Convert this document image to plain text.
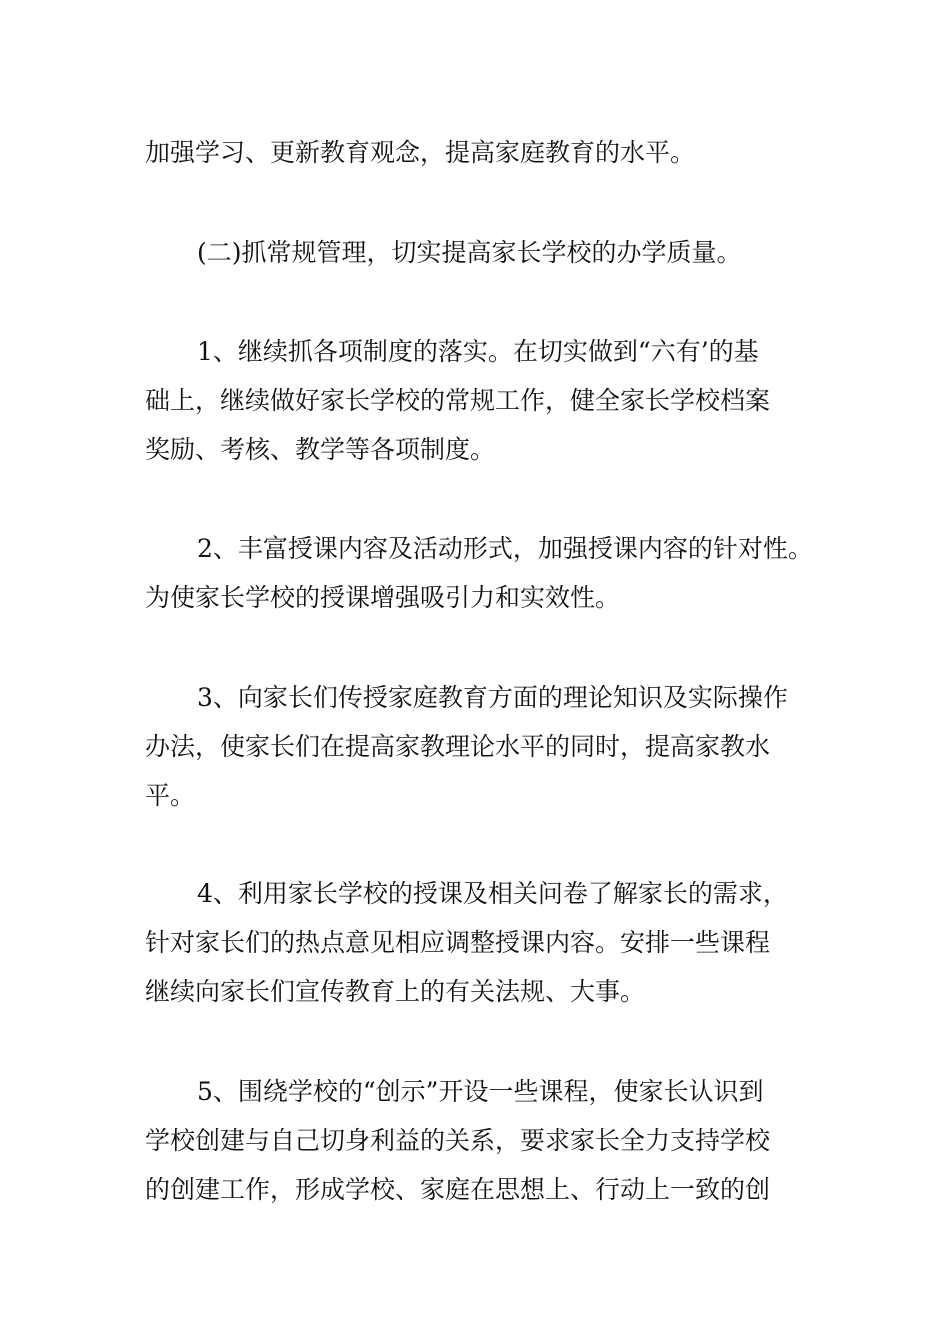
加强学习、更新教育观念，提高家庭教育的水平。

(二)抓常规管理，切实提高家长学校的办学质量。

1、继续抓各项制度的落实。在切实做到“六有’的基
础上，继续做好家长学校的常规工作，健全家长学校档案
奖励、考核、教学等各项制度。

2、丰富授课内容及活动形式，加强授课内容的针对性。
为使家长学校的授课增强吸引力和实效性。

3、向家长们传授家庭教育方面的理论知识及实际操作
办法，使家长们在提高家教理论水平的同时，提高家教水
平。

4、利用家长学校的授课及相关问卷了解家长的需求，
针对家长们的热点意见相应调整授课内容。安排一些课程
继续向家长们宣传教育上的有关法规、大事。

5、围绕学校的“创示”开设一些课程，使家长认识到
学校创建与自己切身利益的关系，要求家长全力支持学校
的创建工作，形成学校、家庭在思想上、行动上一致的创
